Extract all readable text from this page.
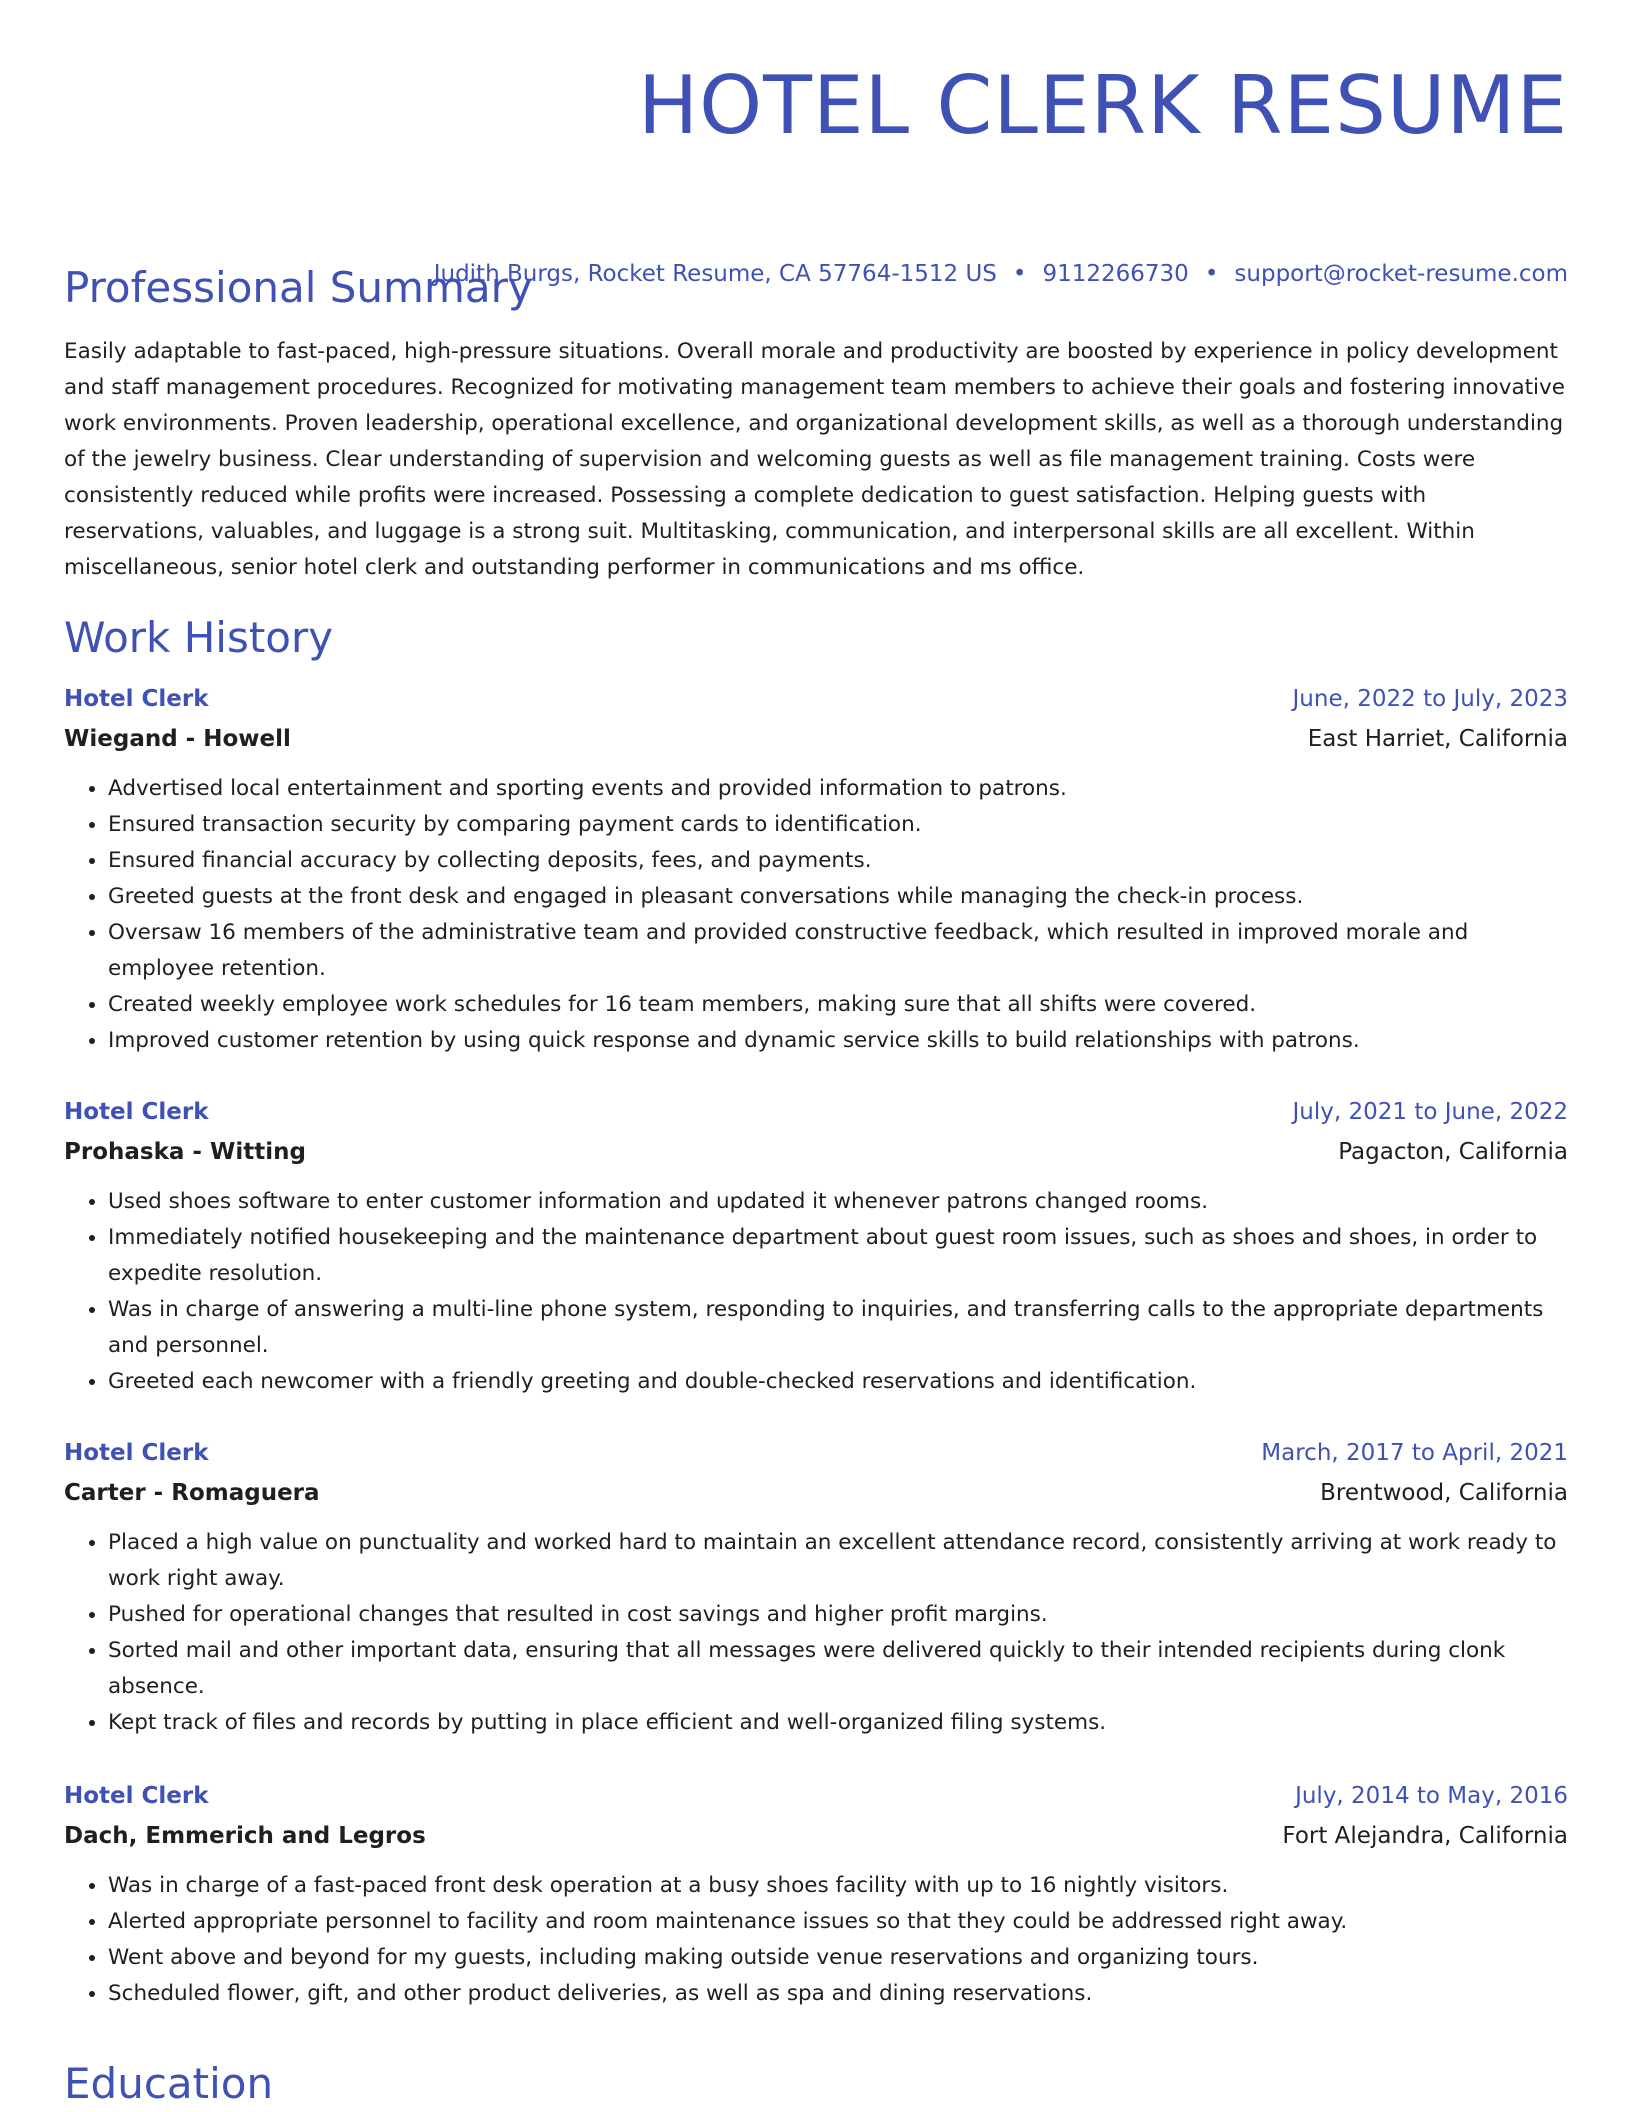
HOTEL CLERK RESUME
Judith Burgs, Rocket Resume, CA 57764-1512 US • 9112266730 • support@rocket-resume.com
Professional Summary
Easily adaptable to fast-paced, high-pressure situations. Overall morale and productivity are boosted by experience in policy development and staff management procedures. Recognized for motivating management team members to achieve their goals and fostering innovative work environments. Proven leadership, operational excellence, and organizational development skills, as well as a thorough understanding of the jewelry business. Clear understanding of supervision and welcoming guests as well as file management training. Costs were consistently reduced while profits were increased. Possessing a complete dedication to guest satisfaction. Helping guests with reservations, valuables, and luggage is a strong suit. Multitasking, communication, and interpersonal skills are all excellent. Within miscellaneous, senior hotel clerk and outstanding performer in communications and ms office.
Work History
Hotel Clerk	June, 2022 to July, 2023
Wiegand - Howell	East Harriet, California
• Advertised local entertainment and sporting events and provided information to patrons.
• Ensured transaction security by comparing payment cards to identification.
• Ensured financial accuracy by collecting deposits, fees, and payments.
• Greeted guests at the front desk and engaged in pleasant conversations while managing the check-in process.
• Oversaw 16 members of the administrative team and provided constructive feedback, which resulted in improved morale and employee retention.
• Created weekly employee work schedules for 16 team members, making sure that all shifts were covered.
• Improved customer retention by using quick response and dynamic service skills to build relationships with patrons.
Hotel Clerk	July, 2021 to June, 2022
Prohaska - Witting	Pagacton, California
• Used shoes software to enter customer information and updated it whenever patrons changed rooms.
• Immediately notified housekeeping and the maintenance department about guest room issues, such as shoes and shoes, in order to expedite resolution.
• Was in charge of answering a multi-line phone system, responding to inquiries, and transferring calls to the appropriate departments and personnel.
• Greeted each newcomer with a friendly greeting and double-checked reservations and identification.
Hotel Clerk	March, 2017 to April, 2021
Carter - Romaguera	Brentwood, California
• Placed a high value on punctuality and worked hard to maintain an excellent attendance record, consistently arriving at work ready to work right away.
• Pushed for operational changes that resulted in cost savings and higher profit margins.
• Sorted mail and other important data, ensuring that all messages were delivered quickly to their intended recipients during clonk absence.
• Kept track of files and records by putting in place efficient and well-organized filing systems.
Hotel Clerk	July, 2014 to May, 2016
Dach, Emmerich and Legros	Fort Alejandra, California
• Was in charge of a fast-paced front desk operation at a busy shoes facility with up to 16 nightly visitors.
• Alerted appropriate personnel to facility and room maintenance issues so that they could be addressed right away.
• Went above and beyond for my guests, including making outside venue reservations and organizing tours.
• Scheduled flower, gift, and other product deliveries, as well as spa and dining reservations.
Education
